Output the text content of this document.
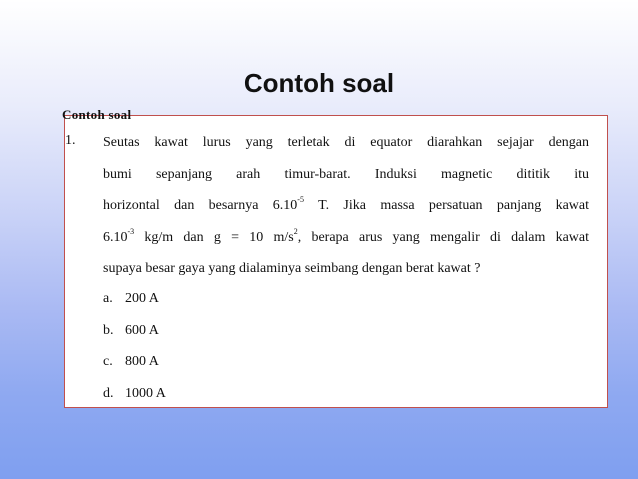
Contoh soal
Contoh soal
1. Seutas kawat lurus yang terletak di equator diarahkan sejajar dengan
bumi sepanjang arah timur-barat. Induksi magnetic dititik itu
horizontal dan besarnya $6.10^{-5}$ T. Jika massa persatuan panjang kawat
$6.10^{-3}$ kg/m dan g = 10 $m/s^2$, berapa arus yang mengalir di dalam kawat
supaya besar gaya yang dialaminya seimbang dengan berat kawat ?
a. 200 A
b. 600 A
c. 800 A
d. 1000 A
